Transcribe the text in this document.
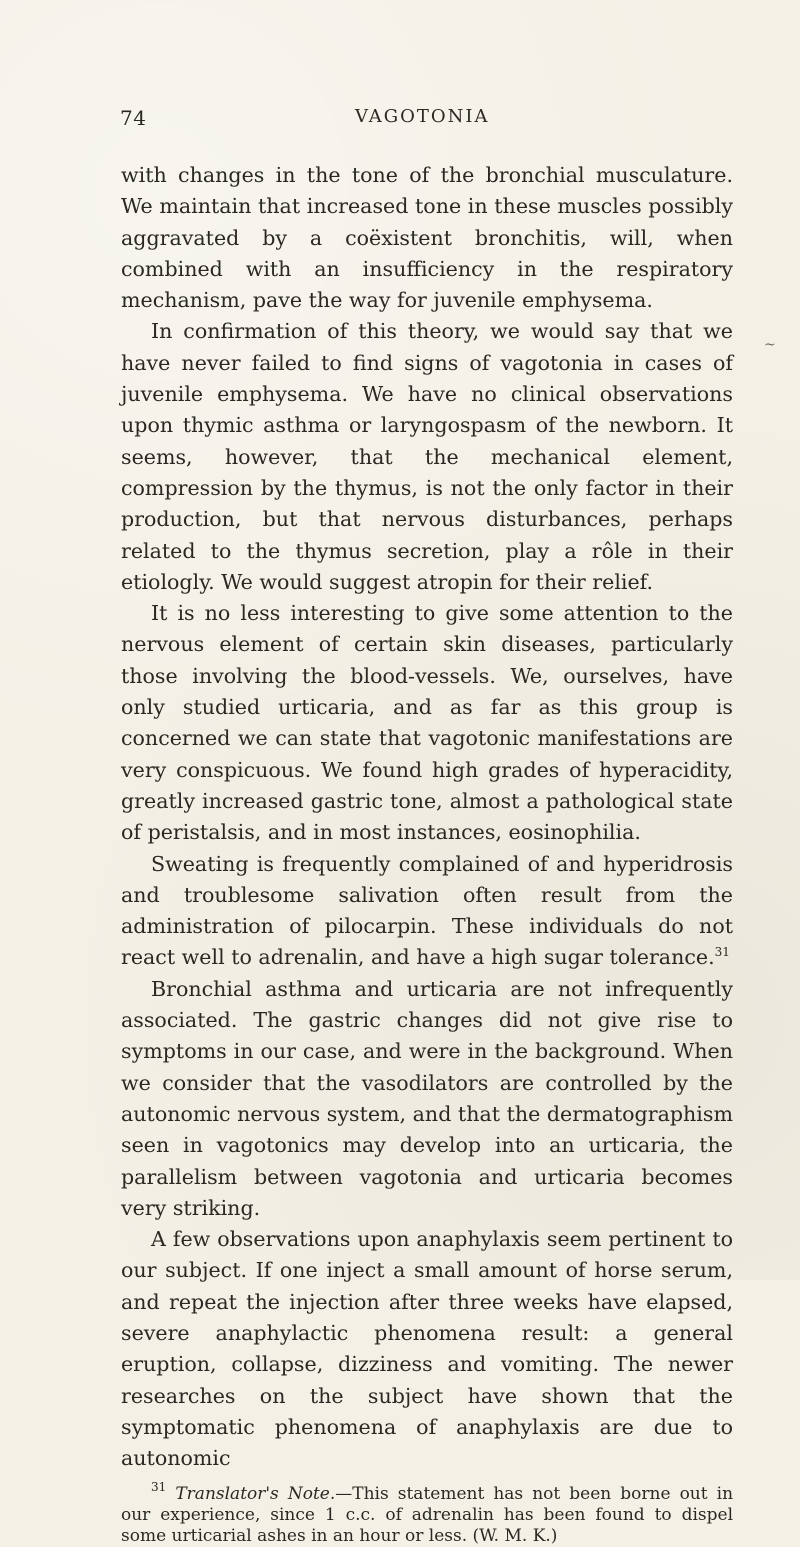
74	VAGOTONIA

with changes in the tone of the bronchial musculature. We maintain that increased tone in these muscles possibly aggravated by a coëxistent bronchitis, will, when combined with an insufficiency in the respiratory mechanism, pave the way for juvenile emphysema.

In confirmation of this theory, we would say that we have never failed to find signs of vagotonia in cases of juvenile emphysema. We have no clinical observations upon thymic asthma or laryngospasm of the newborn. It seems, however, that the mechanical element, compression by the thymus, is not the only factor in their production, but that nervous disturbances, perhaps related to the thymus secretion, play a rôle in their etiologly. We would suggest atropin for their relief.

It is no less interesting to give some attention to the nervous element of certain skin diseases, particularly those involving the blood-vessels. We, ourselves, have only studied urticaria, and as far as this group is concerned we can state that vagotonic manifestations are very conspicuous. We found high grades of hyperacidity, greatly increased gastric tone, almost a pathological state of peristalsis, and in most instances, eosinophilia.

Sweating is frequently complained of and hyperidrosis and troublesome salivation often result from the administration of pilocarpin. These individuals do not react well to adrenalin, and have a high sugar tolerance.$^{31}$

Bronchial asthma and urticaria are not infrequently associated. The gastric changes did not give rise to symptoms in our case, and were in the background. When we consider that the vasodilators are controlled by the autonomic nervous system, and that the dermatographism seen in vagotonics may develop into an urticaria, the parallelism between vagotonia and urticaria becomes very striking.

A few observations upon anaphylaxis seem pertinent to our subject. If one inject a small amount of horse serum, and repeat the injection after three weeks have elapsed, severe anaphylactic phenomena result: a general eruption, collapse, dizziness and vomiting. The newer researches on the subject have shown that the symptomatic phenomena of anaphylaxis are due to autonomic

$^{31}$ Translator's Note.—This statement has not been borne out in our experience, since 1 c.c. of adrenalin has been found to dispel some urticarial ashes in an hour or less. (W. M. K.)

~
